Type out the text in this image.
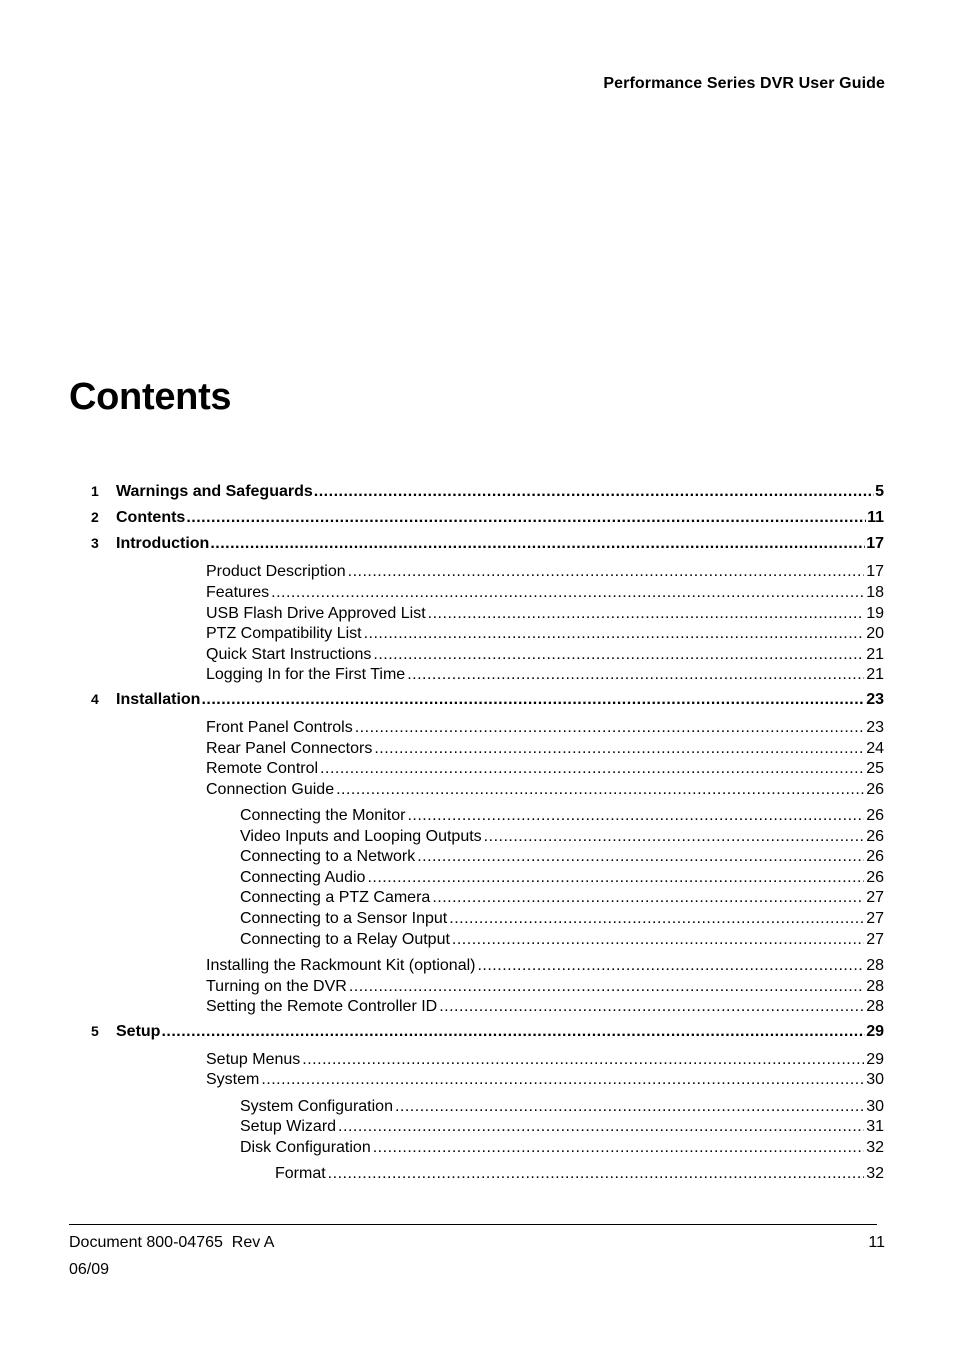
Performance Series DVR User Guide
Contents
1	Warnings and Safeguards .....	5
2	Contents .....	11
3	Introduction .....	17
Product Description .....	17
Features .....	18
USB Flash Drive Approved List .....	19
PTZ Compatibility List .....	20
Quick Start Instructions .....	21
Logging In for the First Time .....	21
4	Installation .....	23
Front Panel Controls .....	23
Rear Panel Connectors .....	24
Remote Control .....	25
Connection Guide .....	26
Connecting the Monitor .....	26
Video Inputs and Looping Outputs .....	26
Connecting to a Network .....	26
Connecting Audio .....	26
Connecting a PTZ Camera .....	27
Connecting to a Sensor Input .....	27
Connecting to a Relay Output .....	27
Installing the Rackmount Kit (optional) .....	28
Turning on the DVR .....	28
Setting the Remote Controller ID .....	28
5	Setup .....	29
Setup Menus .....	29
System .....	30
System Configuration .....	30
Setup Wizard .....	31
Disk Configuration .....	32
Format .....	32
Document 800-04765  Rev A
06/09
11
